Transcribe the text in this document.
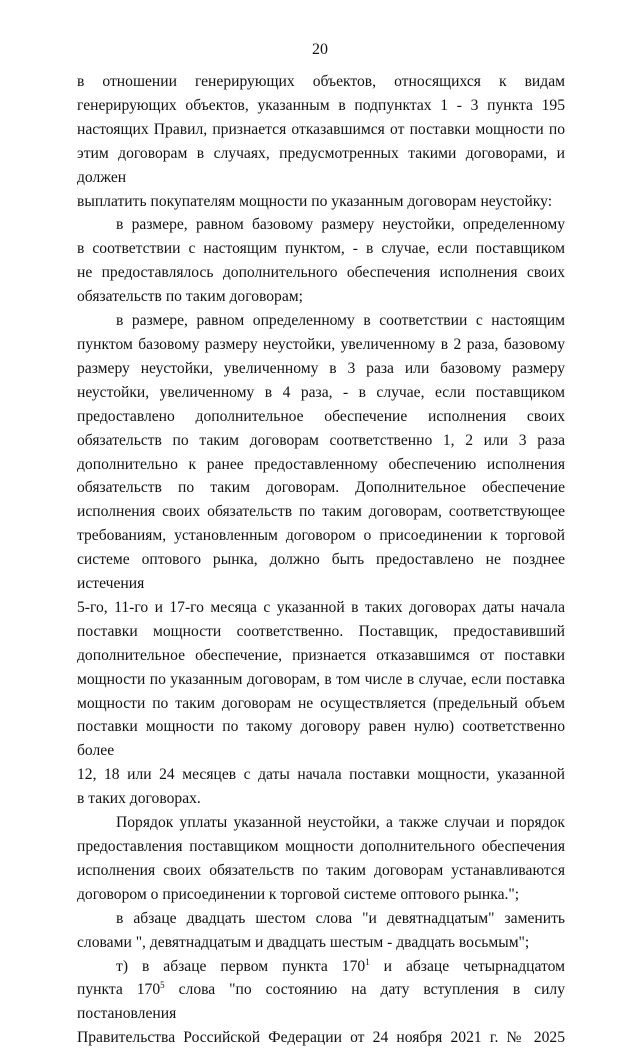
20

в отношении генерирующих объектов, относящихся к видам

генерирующих объектов, указанным в подпунктах 1 - 3 пункта 195

настоящих Правил, признается отказавшимся от поставки мощности по

этим договорам в случаях, предусмотренных такими договорами, и должен

выплатить покупателям мощности по указанным договорам неустойку:

в размере, равном базовому размеру неустойки, определенному

в соответствии с настоящим пунктом, - в случае, если поставщиком

не предоставлялось дополнительного обеспечения исполнения своих

обязательств по таким договорам;

в размере, равном определенному в соответствии с настоящим

пунктом базовому размеру неустойки, увеличенному в 2 раза, базовому

размеру неустойки, увеличенному в 3 раза или базовому размеру

неустойки, увеличенному в 4 раза, - в случае, если поставщиком

предоставлено дополнительное обеспечение исполнения своих

обязательств по таким договорам соответственно 1, 2 или 3 раза

дополнительно к ранее предоставленному обеспечению исполнения

обязательств по таким договорам. Дополнительное обеспечение

исполнения своих обязательств по таким договорам, соответствующее

требованиям, установленным договором о присоединении к торговой

системе оптового рынка, должно быть предоставлено не позднее истечения

5-го, 11-го и 17-го месяца с указанной в таких договорах даты начала

поставки мощности соответственно. Поставщик, предоставивший

дополнительное обеспечение, признается отказавшимся от поставки

мощности по указанным договорам, в том числе в случае, если поставка

мощности по таким договорам не осуществляется (предельный объем

поставки мощности по такому договору равен нулю) соответственно более

12, 18 или 24 месяцев с даты начала поставки мощности, указанной

в таких договорах.

Порядок уплаты указанной неустойки, а также случаи и порядок

предоставления поставщиком мощности дополнительного обеспечения

исполнения своих обязательств по таким договорам устанавливаются

договором о присоединении к торговой системе оптового рынка.";

в абзаце двадцать шестом слова "и девятнадцатым" заменить

словами ", девятнадцатым и двадцать шестым - двадцать восьмым";

т) в абзаце первом пункта $170^1$ и абзаце четырнадцатом

пункта $170^5$ слова "по состоянию на дату вступления в силу постановления

Правительства Российской Федерации от 24 ноября 2021 г. № 2025
